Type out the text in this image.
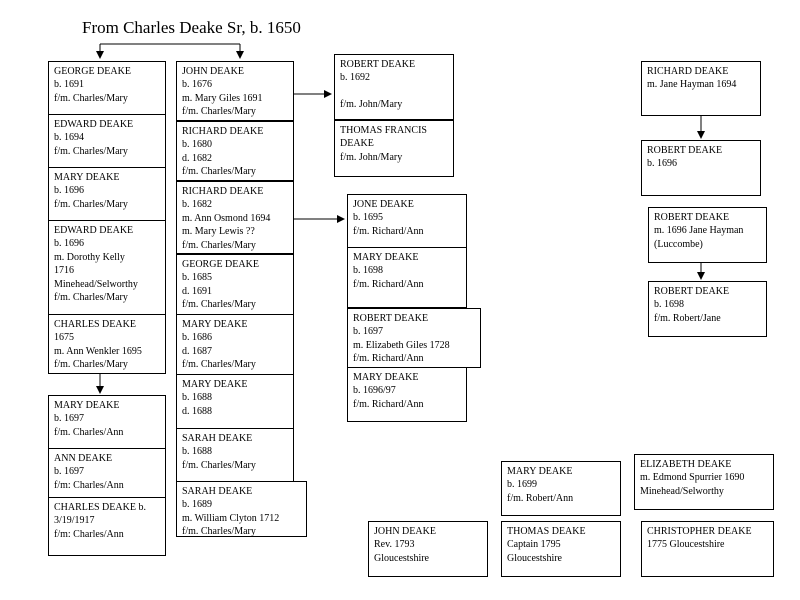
From Charles Deake Sr, b. 1650
GEORGE DEAKE
b. 1691
f/m. Charles/Mary
EDWARD DEAKE
b. 1694
f/m. Charles/Mary
MARY DEAKE
b. 1696
f/m. Charles/Mary
EDWARD DEAKE
b. 1696
m. Dorothy Kelly
1716
Minehead/Selworthy
f/m. Charles/Mary
CHARLES DEAKE
1675
m. Ann Wenkler 1695
f/m. Charles/Mary
MARY DEAKE
b. 1697
f/m. Charles/Ann
ANN DEAKE
b. 1697
f/m: Charles/Ann
CHARLES DEAKE b.
3/19/1917
f/m: Charles/Ann
JOHN DEAKE
b. 1676
m. Mary Giles 1691
f/m. Charles/Mary
RICHARD DEAKE
b. 1680
d. 1682
f/m. Charles/Mary
RICHARD DEAKE
b. 1682
m. Ann Osmond 1694
m. Mary Lewis ??
f/m. Charles/Mary
GEORGE DEAKE
b. 1685
d. 1691
f/m. Charles/Mary
MARY DEAKE
b. 1686
d. 1687
f/m. Charles/Mary
MARY DEAKE
b. 1688
d. 1688
SARAH DEAKE
b. 1688
f/m. Charles/Mary
SARAH DEAKE
b. 1689
m. William Clyton 1712
f/m. Charles/Mary
ROBERT DEAKE
b. 1692
f/m. John/Mary
THOMAS FRANCIS
DEAKE
f/m. John/Mary
JONE DEAKE
b. 1695
f/m. Richard/Ann
MARY DEAKE
b. 1698
f/m. Richard/Ann
ROBERT DEAKE
b. 1697
m. Elizabeth Giles 1728
f/m. Richard/Ann
MARY DEAKE
b. 1696/97
f/m. Richard/Ann
RICHARD DEAKE
m. Jane Hayman 1694
ROBERT DEAKE
b. 1696
ROBERT DEAKE
m. 1696 Jane Hayman
(Luccombe)
ROBERT DEAKE
b. 1698
f/m. Robert/Jane
MARY DEAKE
b. 1699
f/m. Robert/Ann
ELIZABETH DEAKE
m. Edmond Spurrier 1690
Minehead/Selworthy
JOHN DEAKE
Rev. 1793
Gloucestshire
THOMAS DEAKE
Captain 1795
Gloucestshire
CHRISTOPHER DEAKE
1775 Gloucestshire
